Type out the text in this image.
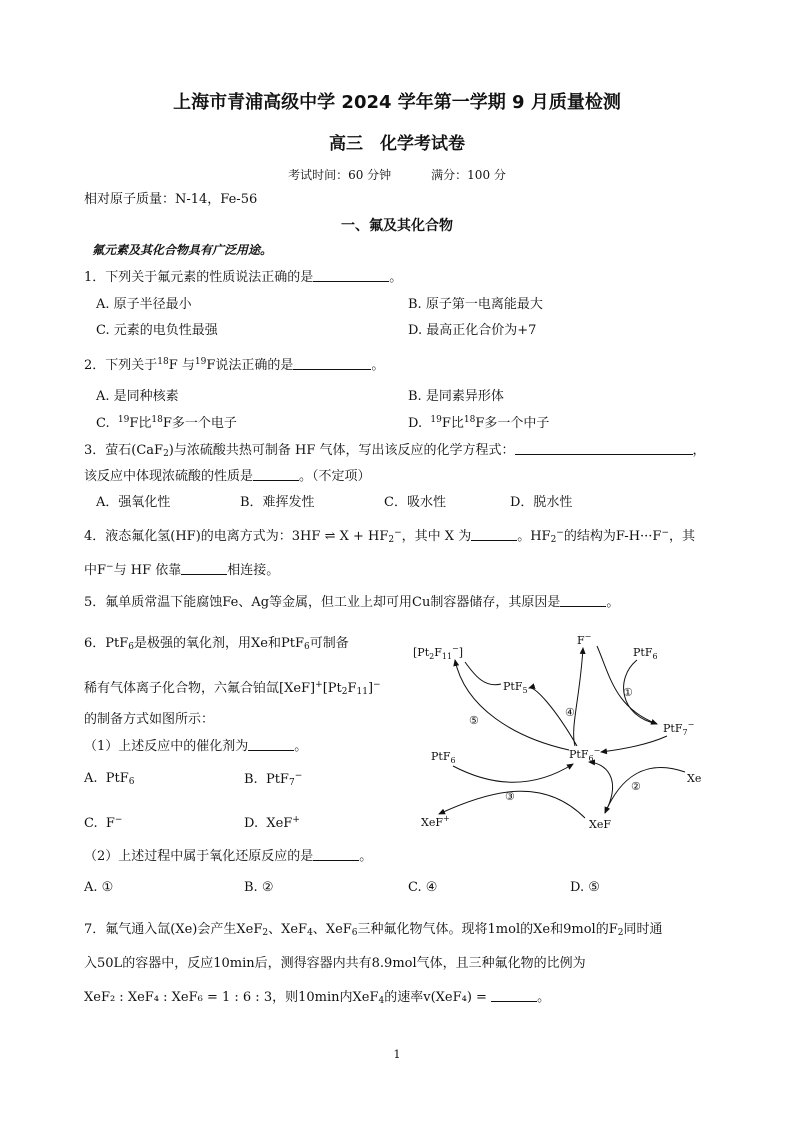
上海市青浦高级中学 2024 学年第一学期 9 月质量检测
高三　化学考试卷
考试时间：60 分钟	满分：100 分
相对原子质量：N-14，Fe-56
一、氟及其化合物
氟元素及其化合物具有广泛用途。
1．下列关于氟元素的性质说法正确的是	。
A. 原子半径最小	B. 原子第一电离能最大
C. 元素的电负性最强	D. 最高正化合价为+7
2．下列关于$^{18}$F 与$^{19}$F说法正确的是	。
A. 是同种核素	B. 是同素异形体
C. $^{19}$F比$^{18}$F多一个电子	D. $^{19}$F比$^{18}$F多一个中子
3．萤石(CaF$_2$)与浓硫酸共热可制备 HF 气体，写出该反应的化学方程式：	，
该反应中体现浓硫酸的性质是	。（不定项）
A．强氧化性	B．难挥发性	C．吸水性	D．脱水性
4．液态氟化氢(HF)的电离方式为：3HF ⇌ $X + HF_2^-$，其中 X 为	。$HF_2^-$的结构为F-H···F−，其
中F−与 HF 依靠	相连接。
5．氟单质常温下能腐蚀Fe、Ag等金属，但工业上却可用Cu制容器储存，其原因是	。
6．PtF$_6$是极强的氧化剂，用Xe和PtF$_6$可制备
稀有气体离子化合物，六氟合铂氙$[XeF]^+[Pt_2F_{11}]^-$
的制备方式如图所示：
（1）上述反应中的催化剂为	。
A. PtF$_6$	B. PtF$_7$−
C. F−	D. XeF+
（2）上述过程中属于氧化还原反应的是	。
A. ①	B. ②	C. ④	D. ⑤
$[Pt_2F_{11}^-]$
F−
PtF$_6$
PtF$_5$
PtF$_7$−
PtF$_6$−
PtF$_6$
Xe
XeF+	XeF
①
②
③
④
⑤
7．氟气通入氙(Xe)会产生XeF$_2$、XeF$_4$、XeF$_6$三种氟化物气体。现将1mol的Xe和9mol的$F_2$同时通
入50L的容器中，反应10min后，测得容器内共有8.9mol气体，且三种氟化物的比例为
XeF₂ : XeF₄ : XeF₆ = 1 : 6 : 3，则10min内XeF$_4$的速率v(XeF₄) =	。
1
